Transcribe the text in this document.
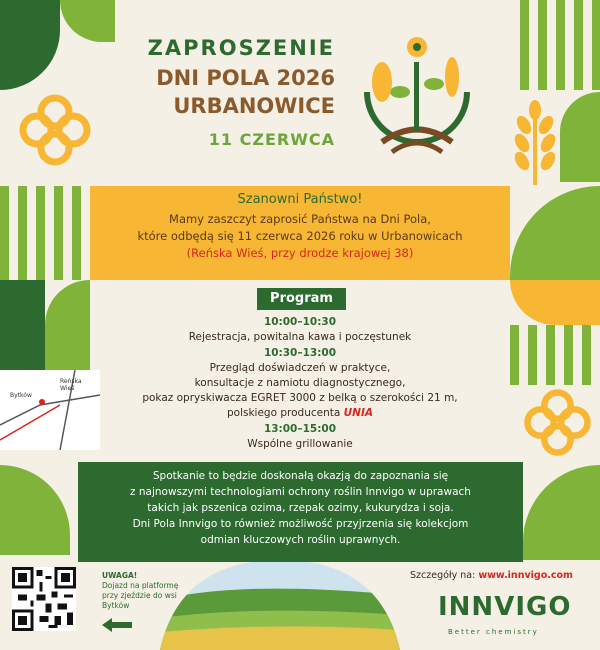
Bytków
Reńska Wieś
ZAPROSZENIE
DNI POLA 2026
URBANOWICE
11 CZERWCA
Szanowni Państwo!
Mamy zaszczyt zaprosić Państwa na Dni Pola,
które odbędą się 11 czerwca 2026 roku w Urbanowicach
(Reńska Wieś, przy drodze krajowej 38)
Program
10:00–10:30
Rejestracja, powitalna kawa i poczęstunek
10:30–13:00
Przegląd doświadczeń w praktyce,
konsultacje z namiotu diagnostycznego,
pokaz opryskiwacza EGRET 3000 z belką o szerokości 21 m,
polskiego producenta UNIA
13:00–15:00
Wspólne grillowanie
Spotkanie to będzie doskonałą okazją do zapoznania się
z najnowszymi technologiami ochrony roślin Innvigo w uprawach
takich jak pszenica ozima, rzepak ozimy, kukurydza i soja.
Dni Pola Innvigo to również możliwość przyjrzenia się kolekcjom
odmian kluczowych roślin uprawnych.
UWAGA!
Dojazd na platformę przy zjeździe do wsi Bytków
Szczegóły na: www.innvigo.com
INNVIGO
Better chemistry
